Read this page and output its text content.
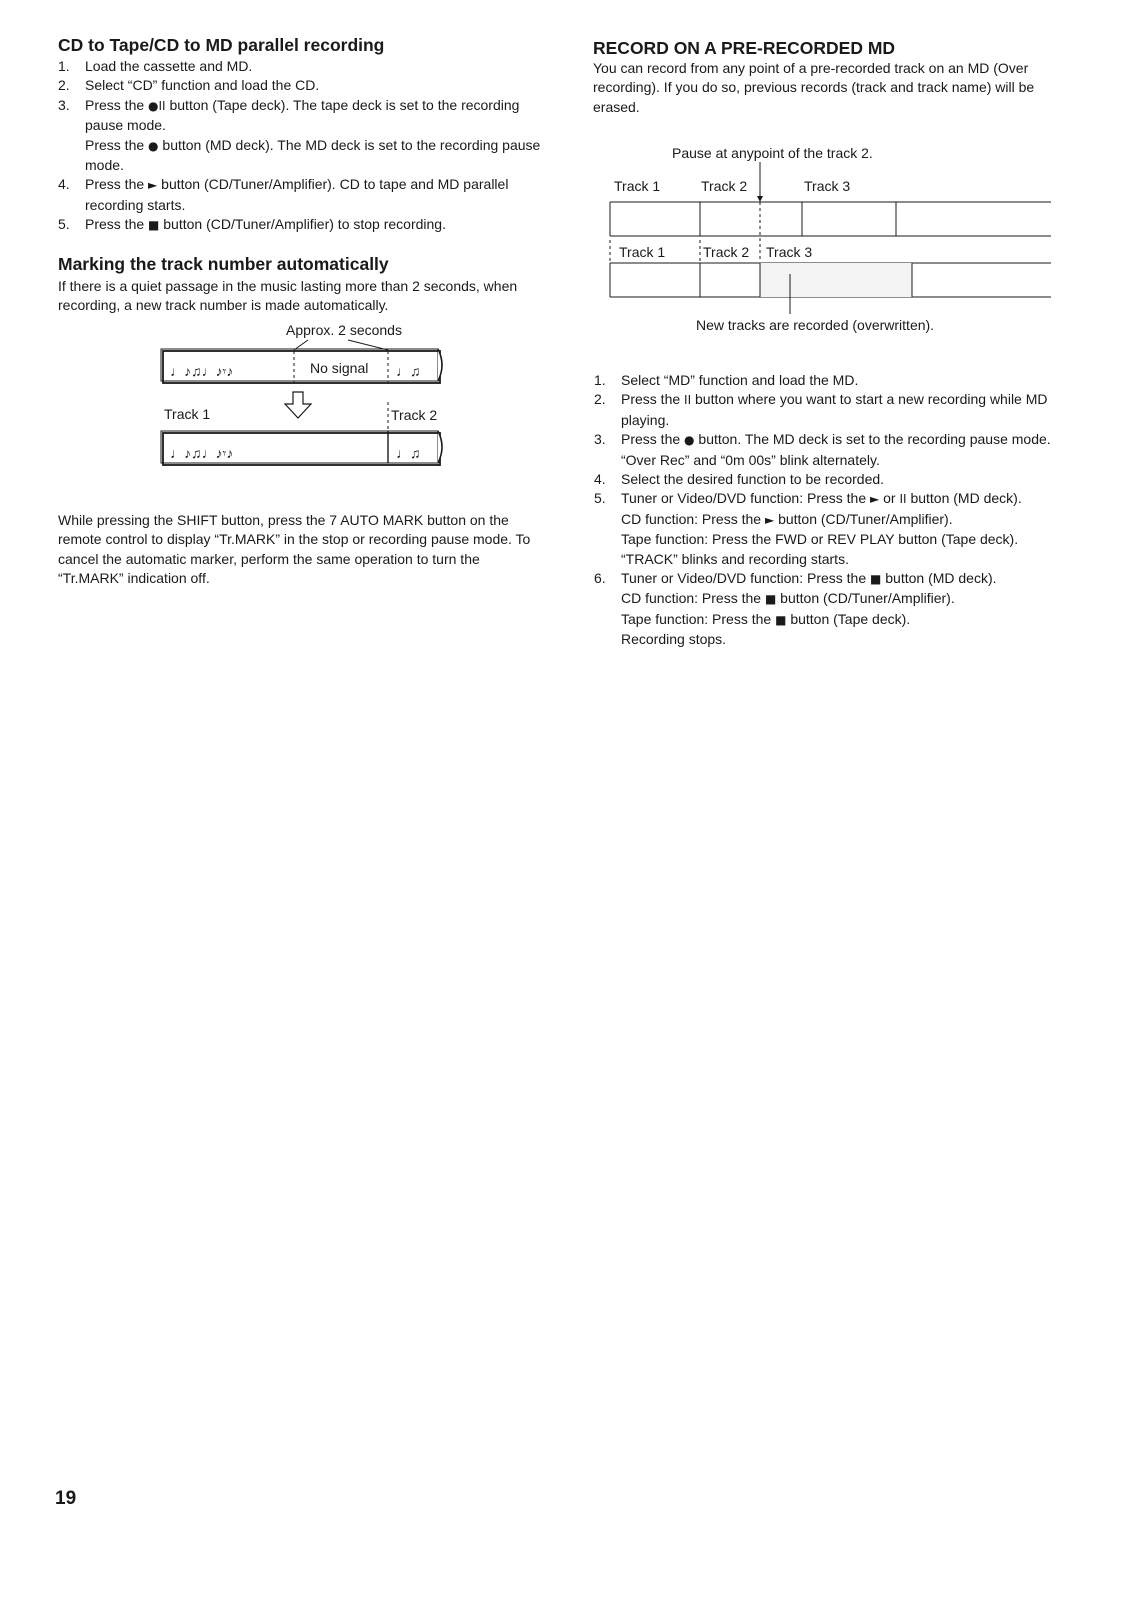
CD to Tape/CD to MD parallel recording
1. Load the cassette and MD.
2. Select “CD” function and load the CD.
3. Press the ●II button (Tape deck). The tape deck is set to the recording pause mode.
Press the ● button (MD deck). The MD deck is set to the recording pause mode.
4. Press the ► button (CD/Tuner/Amplifier). CD to tape and MD parallel recording starts.
5. Press the ■ button (CD/Tuner/Amplifier) to stop recording.
Marking the track number automatically

If there is a quiet passage in the music lasting more than 2 seconds, when recording, a new track number is made automatically.

Approx. 2 seconds
♩♪♫♩♪𝄾♪	No signal ♩♫
Track 1	Track 2
♩♪♫♩♪𝄾♪	♩♫

While pressing the SHIFT button, press the 7 AUTO MARK button on the remote control to display “Tr.MARK” in the stop or recording pause mode. To cancel the automatic marker, perform the same operation to turn the “Tr.MARK” indication off.

RECORD ON A PRE-RECORDED MD

You can record from any point of a pre-recorded track on an MD (Over recording). If you do so, previous records (track and track name) will be erased.

Pause at anypoint of the track 2.
Track 1	Track 2	Track 3
Track 1	Track 2 Track 3
New tracks are recorded (overwritten).
1. Select “MD” function and load the MD.
2. Press the II button where you want to start a new recording while MD playing.
3. Press the ● button. The MD deck is set to the recording pause mode.
“Over Rec” and “0m 00s” blink alternately.
4. Select the desired function to be recorded.
5. Tuner or Video/DVD function: Press the ► or II button (MD deck).
CD function: Press the ► button (CD/Tuner/Amplifier).
Tape function: Press the FWD or REV PLAY button (Tape deck).
“TRACK” blinks and recording starts.
6. Tuner or Video/DVD function: Press the ■ button (MD deck).
CD function: Press the ■ button (CD/Tuner/Amplifier).
Tape function: Press the ■ button (Tape deck).
Recording stops.
19
